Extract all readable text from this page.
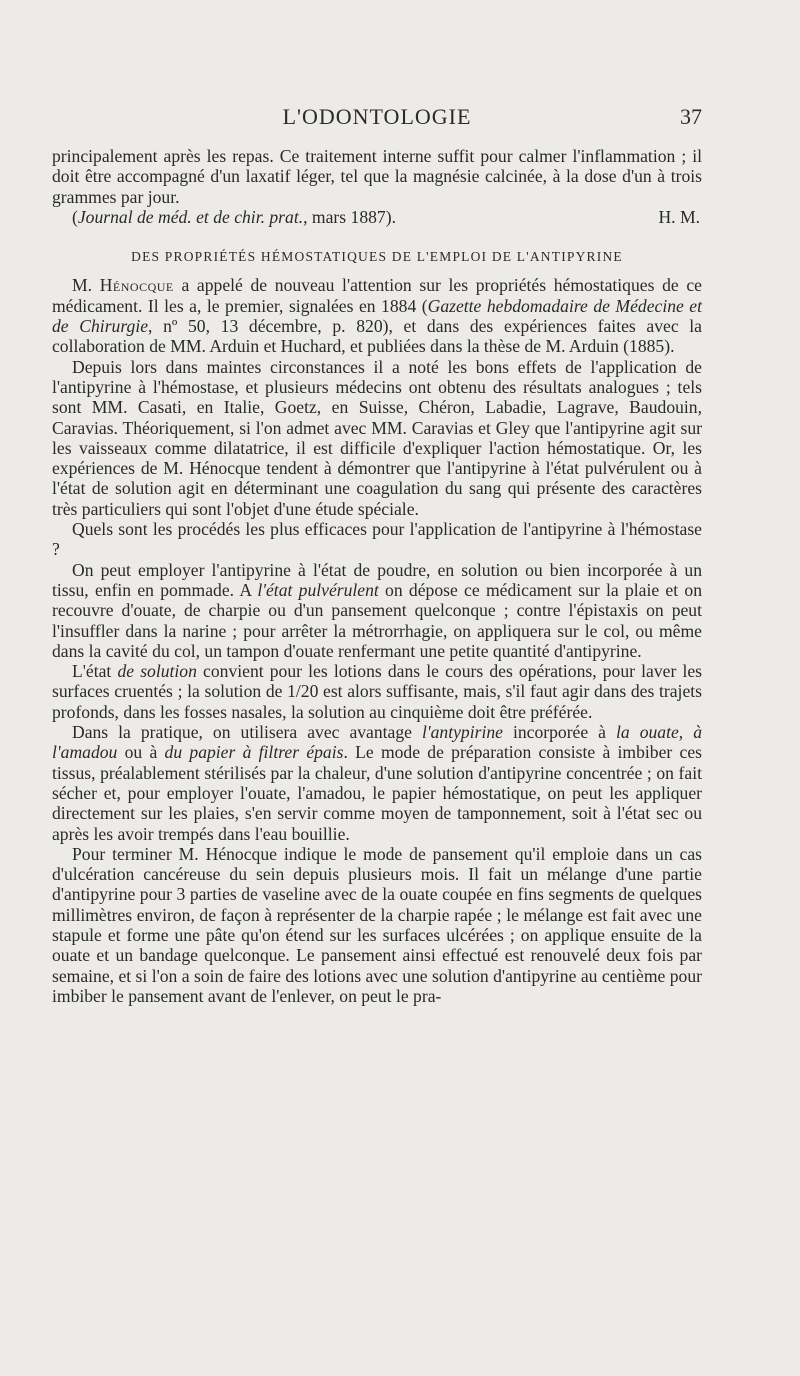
L'ODONTOLOGIE	37

principalement après les repas. Ce traitement interne suffit pour calmer l'inflammation ; il doit être accompagné d'un laxatif léger, tel que la magnésie calcinée, à la dose d'un à trois grammes par jour.

(Journal de méd. et de chir. prat., mars 1887).	H. M.

DES PROPRIÉTÉS HÉMOSTATIQUES DE L'EMPLOI DE L'ANTIPYRINE

M. Hénocque a appelé de nouveau l'attention sur les propriétés hémostatiques de ce médicament. Il les a, le premier, signalées en 1884 (Gazette hebdomadaire de Médecine et de Chirurgie, nº 50, 13 décembre, p. 820), et dans des expériences faites avec la collaboration de MM. Arduin et Huchard, et publiées dans la thèse de M. Arduin (1885).

Depuis lors dans maintes circonstances il a noté les bons effets de l'application de l'antipyrine à l'hémostase, et plusieurs médecins ont obtenu des résultats analogues ; tels sont MM. Casati, en Italie, Goetz, en Suisse, Chéron, Labadie, Lagrave, Baudouin, Caravias. Théoriquement, si l'on admet avec MM. Caravias et Gley que l'antipyrine agit sur les vaisseaux comme dilatatrice, il est difficile d'expliquer l'action hémostatique. Or, les expériences de M. Hénocque tendent à démontrer que l'antipyrine à l'état pulvérulent ou à l'état de solution agit en déterminant une coagulation du sang qui présente des caractères très particuliers qui sont l'objet d'une étude spéciale.

Quels sont les procédés les plus efficaces pour l'application de l'antipyrine à l'hémostase ?

On peut employer l'antipyrine à l'état de poudre, en solution ou bien incorporée à un tissu, enfin en pommade. A l'état pulvérulent on dépose ce médicament sur la plaie et on recouvre d'ouate, de charpie ou d'un pansement quelconque ; contre l'épistaxis on peut l'insuffler dans la narine ; pour arrêter la métrorrhagie, on appliquera sur le col, ou même dans la cavité du col, un tampon d'ouate renfermant une petite quantité d'antipyrine.

L'état de solution convient pour les lotions dans le cours des opérations, pour laver les surfaces cruentés ; la solution de 1/20 est alors suffisante, mais, s'il faut agir dans des trajets profonds, dans les fosses nasales, la solution au cinquième doit être préférée.

Dans la pratique, on utilisera avec avantage l'antypirine incorporée à la ouate, à l'amadou ou à du papier à filtrer épais. Le mode de préparation consiste à imbiber ces tissus, préalablement stérilisés par la chaleur, d'une solution d'antipyrine concentrée ; on fait sécher et, pour employer l'ouate, l'amadou, le papier hémostatique, on peut les appliquer directement sur les plaies, s'en servir comme moyen de tamponnement, soit à l'état sec ou après les avoir trempés dans l'eau bouillie.

Pour terminer M. Hénocque indique le mode de pansement qu'il emploie dans un cas d'ulcération cancéreuse du sein depuis plusieurs mois. Il fait un mélange d'une partie d'antipyrine pour 3 parties de vaseline avec de la ouate coupée en fins segments de quelques millimètres environ, de façon à représenter de la charpie rapée ; le mélange est fait avec une stapule et forme une pâte qu'on étend sur les surfaces ulcérées ; on applique ensuite de la ouate et un bandage quelconque. Le pansement ainsi effectué est renouvelé deux fois par semaine, et si l'on a soin de faire des lotions avec une solution d'antipyrine au centième pour imbiber le pansement avant de l'enlever, on peut le pra-
